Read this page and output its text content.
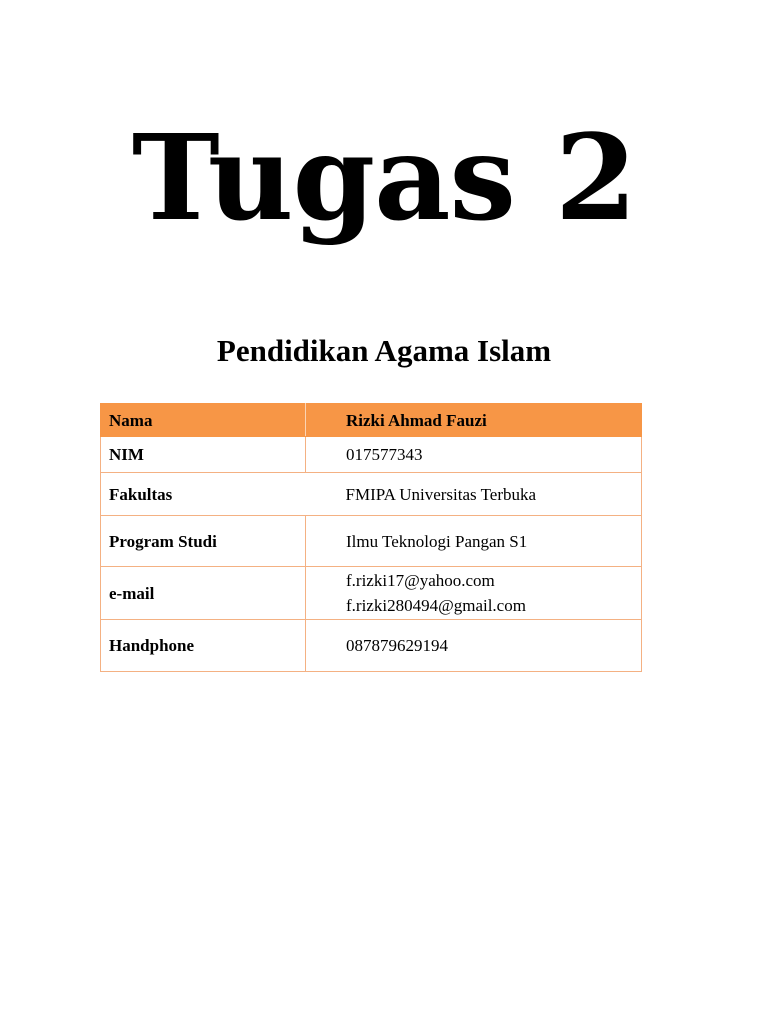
Tugas 2
Pendidikan Agama Islam
Nama	Rizki Ahmad Fauzi
NIM	017577343
Fakultas	FMIPA Universitas Terbuka
Program Studi	Ilmu Teknologi Pangan S1
e-mail	f.rizki17@yahoo.com
f.rizki280494@gmail.com

Handphone	087879629194
